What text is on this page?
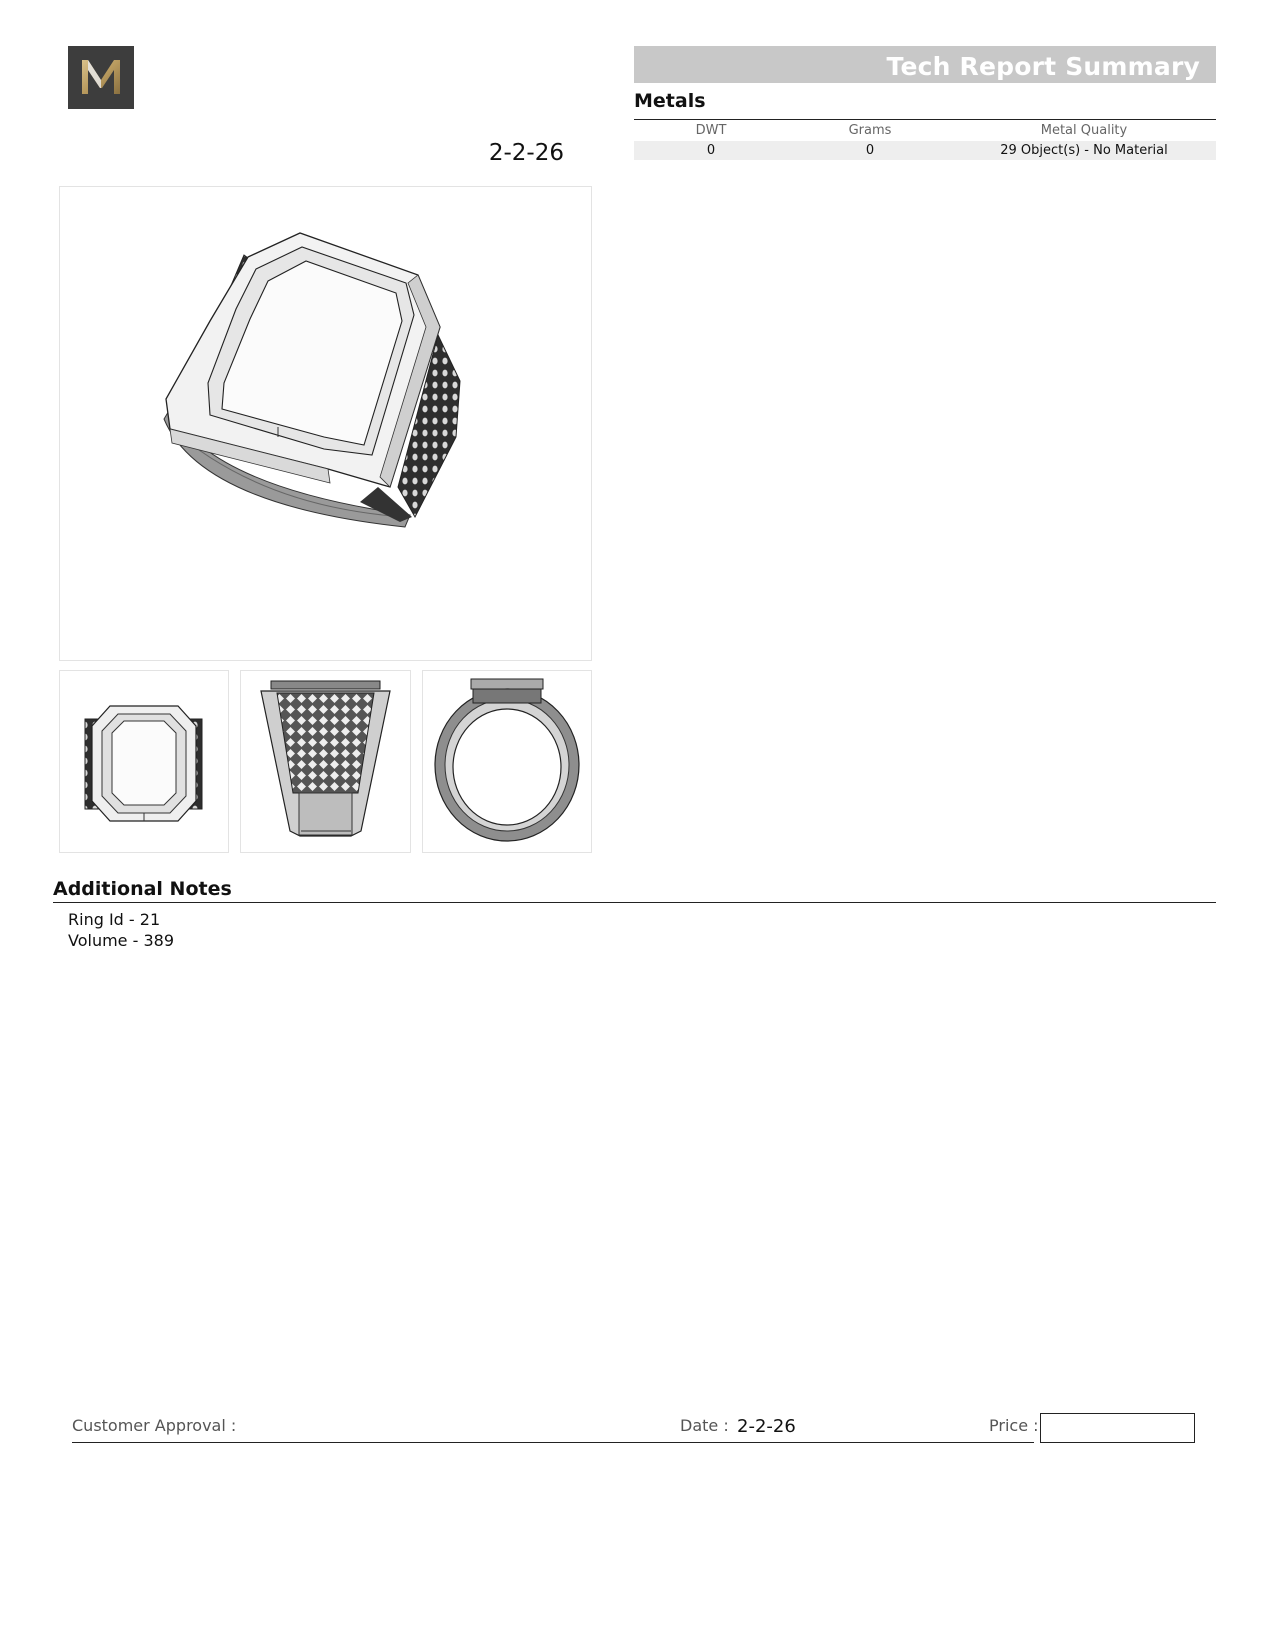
2-2-26
Tech Report Summary
Metals
DWT	Grams	Metal Quality
0	0	29 Object(s) - No Material
Additional Notes
Ring Id - 21
Volume - 389
Customer Approval :	Date : 2-2-26	Price :
